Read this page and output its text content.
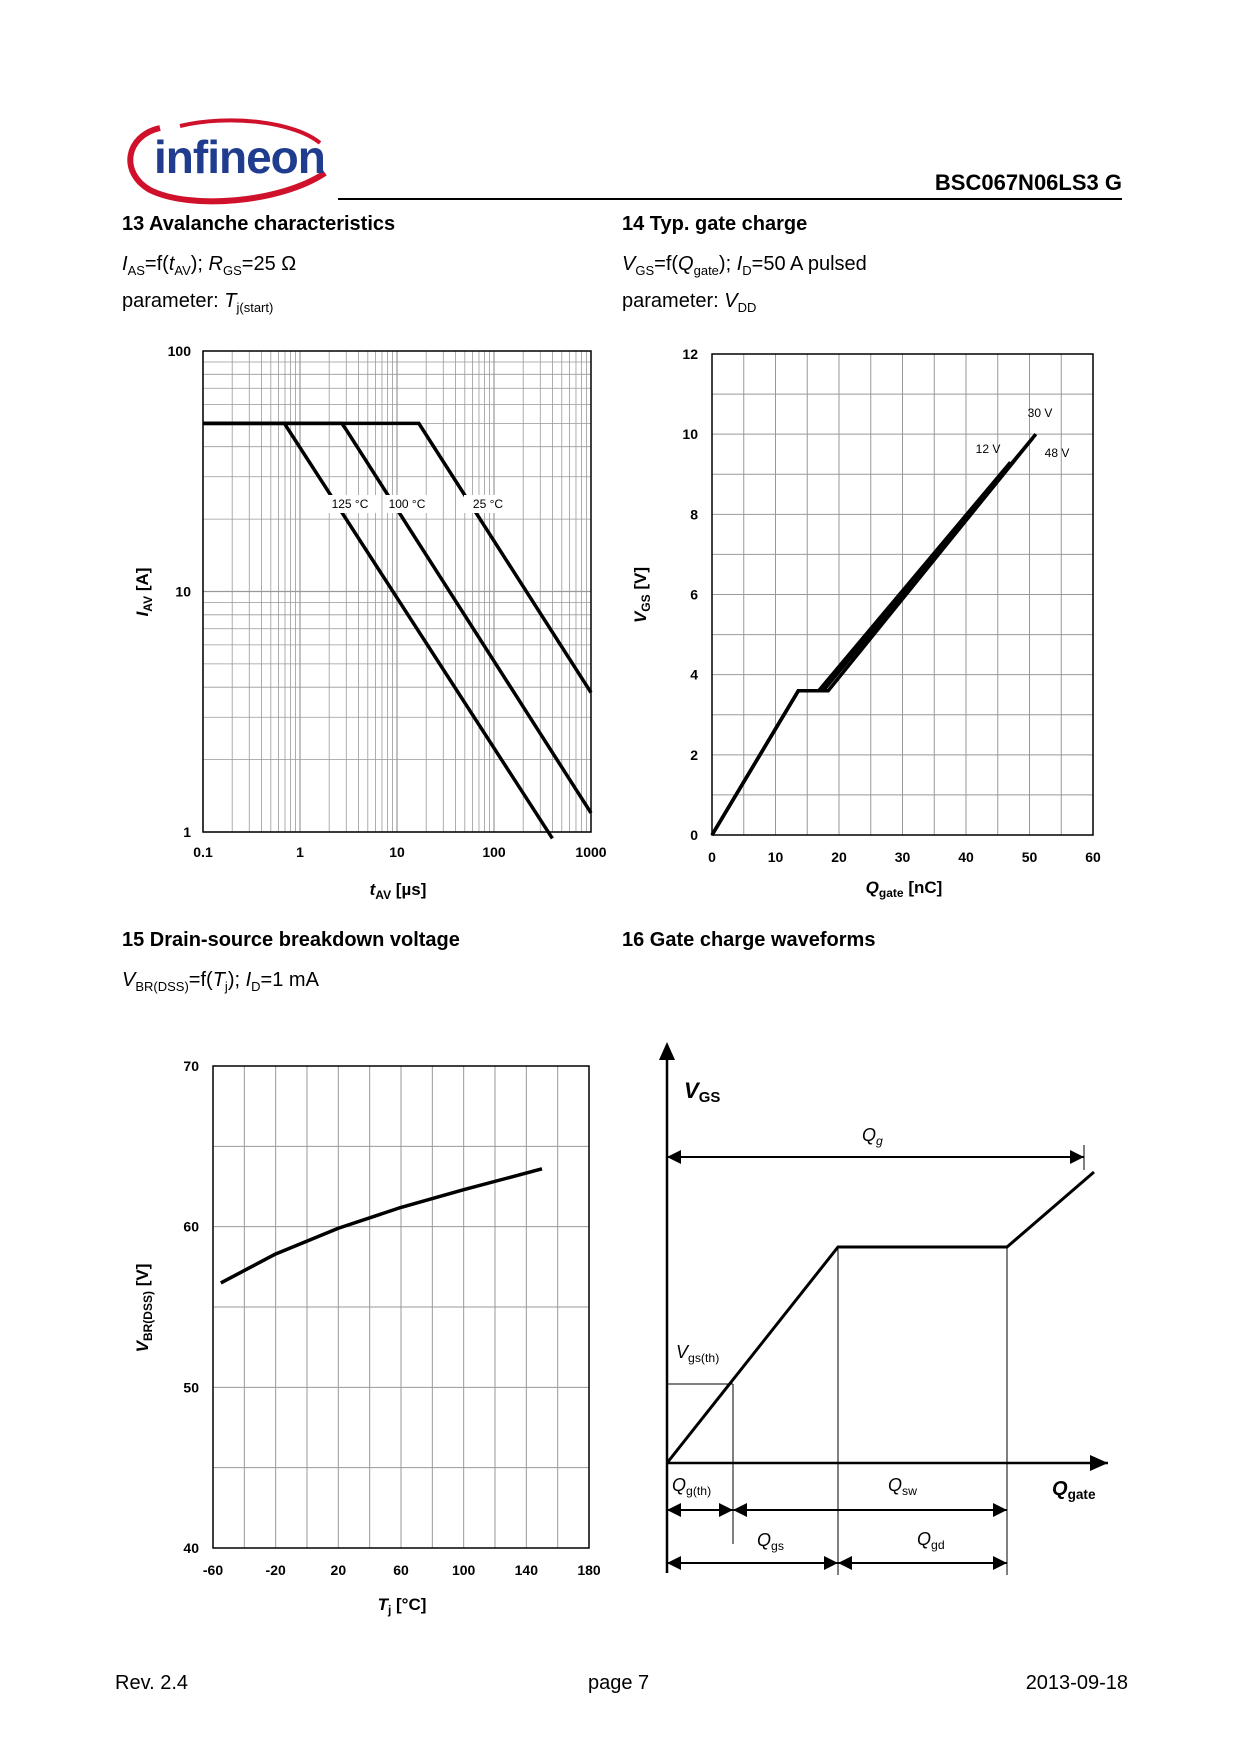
infineon	BSC067N06LS3 G
13 Avalanche characteristics
$I_{AS}=f(t_{AV})$; $R_{GS}=25$ Ω
parameter: $T_{j(start)}$
14 Typ. gate charge
$V_{GS}=f(Q_{gate})$; $I_D=50$ A pulsed
parameter: $V_{DD}$
15 Drain-source breakdown voltage
$V_{BR(DSS)}=f(T_j)$; $I_D=1$ mA
16 Gate charge waveforms
0.1	1	10	100	1000
1
10
100
125 °C 100 °C	25 °C
$t_{AV}$ [µs]
$I_{AV}$ [A]
0	10	20	30	40	50	60
0
2
4
6
8
10
12
12 V
30 V
48 V
$Q_{gate}$ [nC]
$V_{GS}$ [V]
-60	-20	20	60	100	140	180
40
50
60
70
$T_j$ [°C]
$V_{BR(DSS)}$ [V]
VGS
$Q_g$
$V_{gs(th)}$
$Q_{g(th)}$	$Q_{sw}$	$Q_{gate}$
$Q_{gs}$	$Q_{gd}$
Rev. 2.4	page 7	2013-09-18
